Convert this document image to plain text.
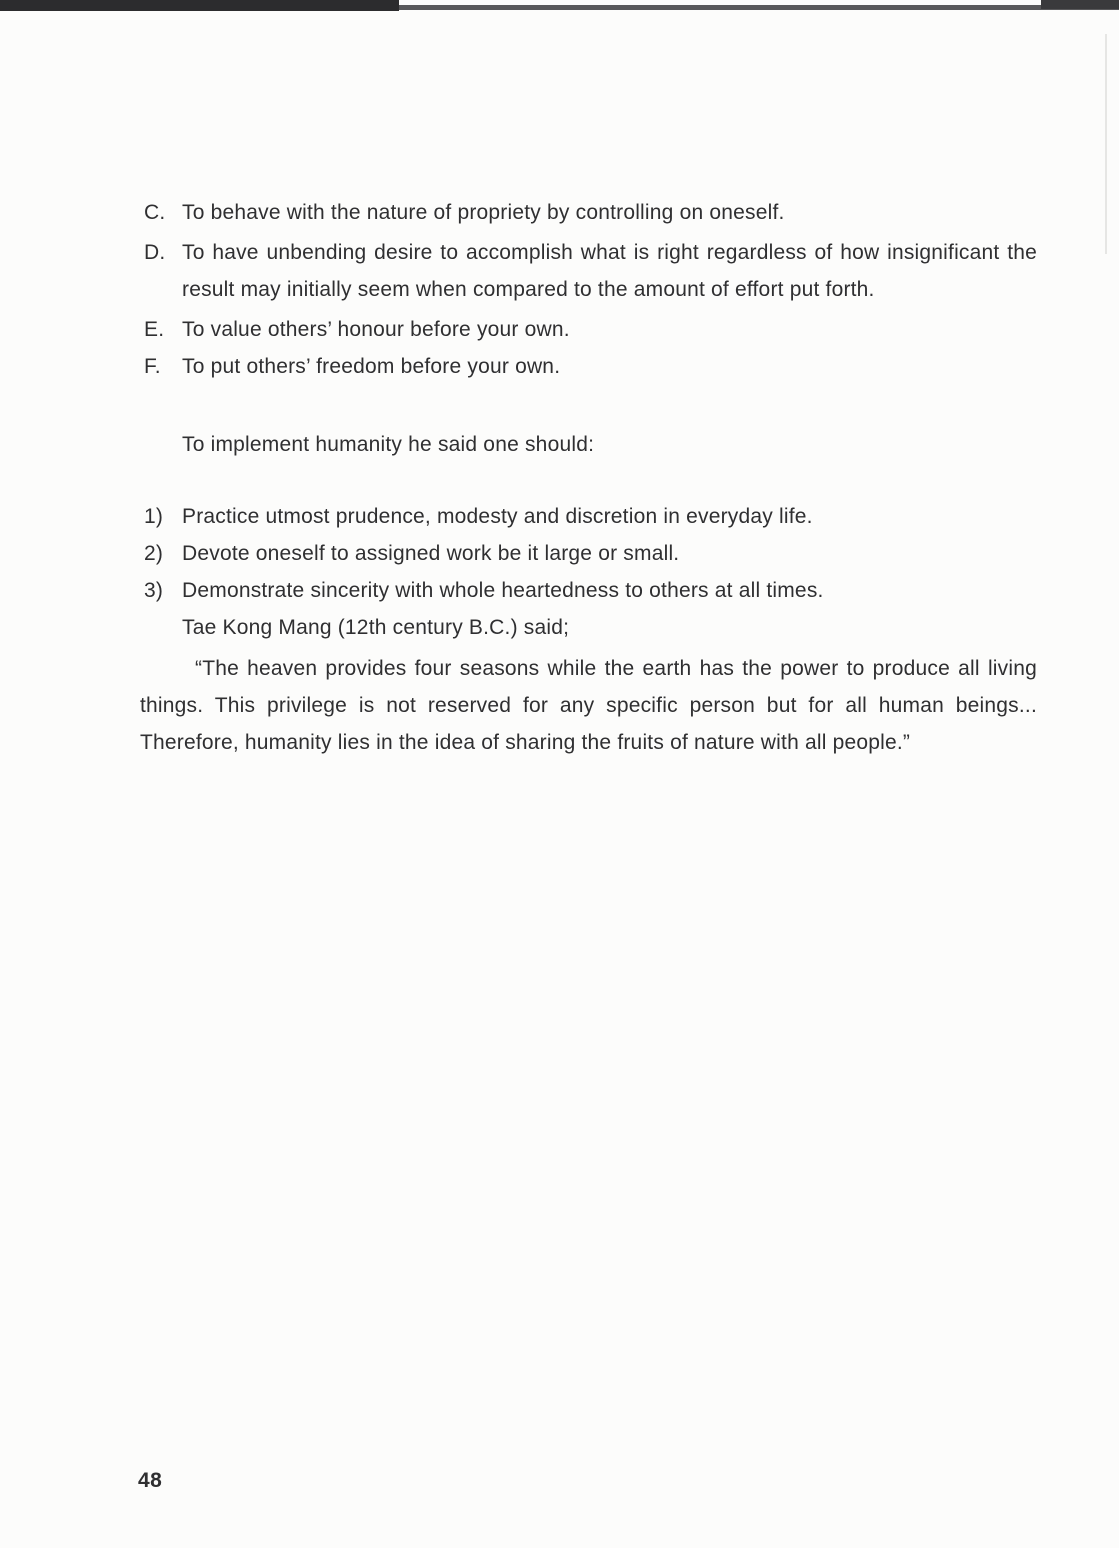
C. To behave with the nature of propriety by controlling on oneself.
D. To have unbending desire to accomplish what is right regardless of how insignificant the result may initially seem when compared to the amount of effort put forth.
E. To value others’ honour before your own.
F.	To put others’ freedom before your own.

To implement humanity he said one should:

1) Practice utmost prudence, modesty and discretion in everyday life.
2) Devote oneself to assigned work be it large or small.
3) Demonstrate sincerity with whole heartedness to others at all times.
Tae Kong Mang (12th century B.C.) said;

“The heaven provides four seasons while the earth has the power to produce all living things. This privilege is not reserved for any specific person but for all human beings... Therefore, humanity lies in the idea of sharing the fruits of nature with all people.”

48
